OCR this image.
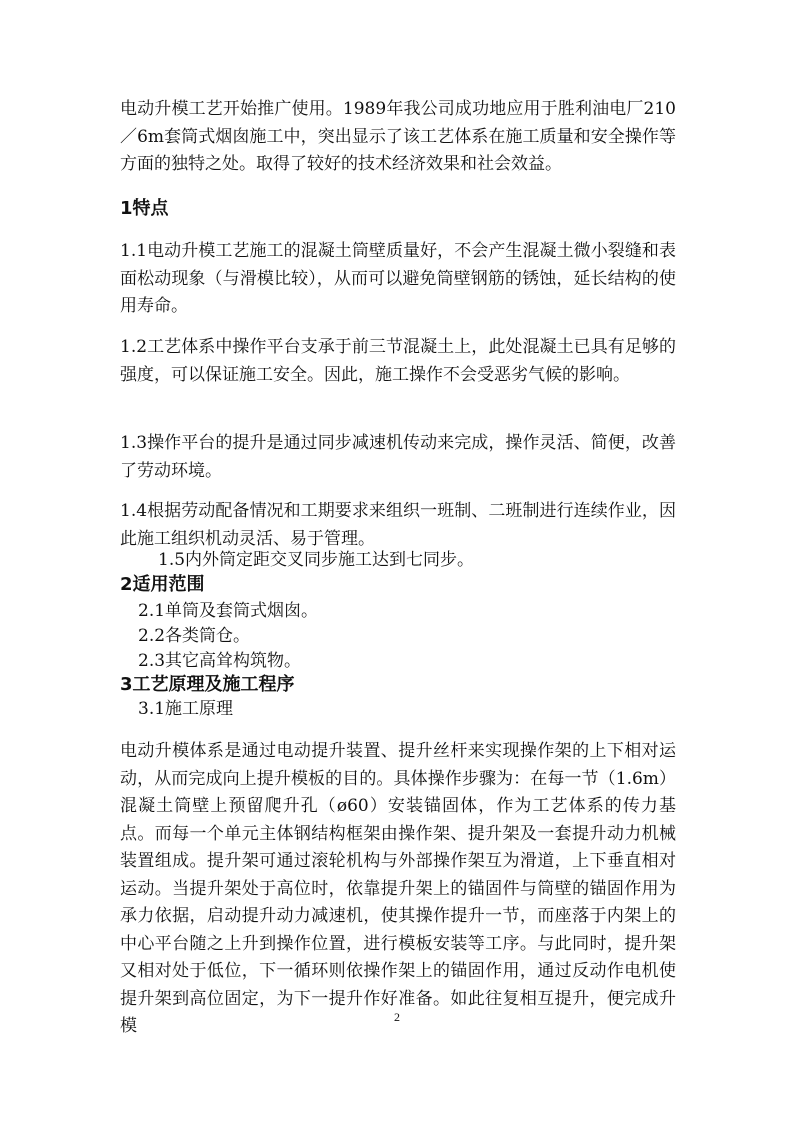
电动升模工艺开始推广使用。1989年我公司成功地应用于胜利油电厂210 ／6m套筒式烟囱施工中，突出显示了该工艺体系在施工质量和安全操作等方面的独特之处。取得了较好的技术经济效果和社会效益。

1特点

1.1电动升模工艺施工的混凝土筒壁质量好，不会产生混凝土微小裂缝和表面松动现象（与滑模比较），从而可以避免筒壁钢筋的锈蚀，延长结构的使用寿命。

1.2工艺体系中操作平台支承于前三节混凝土上，此处混凝土已具有足够的强度，可以保证施工安全。因此，施工操作不会受恶劣气候的影响。

1.3操作平台的提升是通过同步减速机传动来完成，操作灵活、简便，改善了劳动环境。

1.4根据劳动配备情况和工期要求来组织一班制、二班制进行连续作业，因此施工组织机动灵活、易于管理。

1.5内外筒定距交叉同步施工达到七同步。

2适用范围

2.1单筒及套筒式烟囱。

2.2各类筒仓。

2.3其它高耸构筑物。

3工艺原理及施工程序

3.1施工原理

电动升模体系是通过电动提升装置、提升丝杆来实现操作架的上下相对运动，从而完成向上提升模板的目的。具体操作步骤为：在每一节（1.6m）混凝土筒壁上预留爬升孔（ø60）安装锚固体，作为工艺体系的传力基点。而每一个单元主体钢结构框架由操作架、提升架及一套提升动力机械装置组成。提升架可通过滚轮机构与外部操作架互为滑道，上下垂直相对运动。当提升架处于高位时，依靠提升架上的锚固件与筒壁的锚固作用为承力依据，启动提升动力减速机，使其操作提升一节，而座落于内架上的中心平台随之上升到操作位置，进行模板安装等工序。与此同时，提升架又相对处于低位，下一循环则依操作架上的锚固作用，通过反动作电机使提升架到高位固定，为下一提升作好准备。如此往复相互提升，便完成升模	2
